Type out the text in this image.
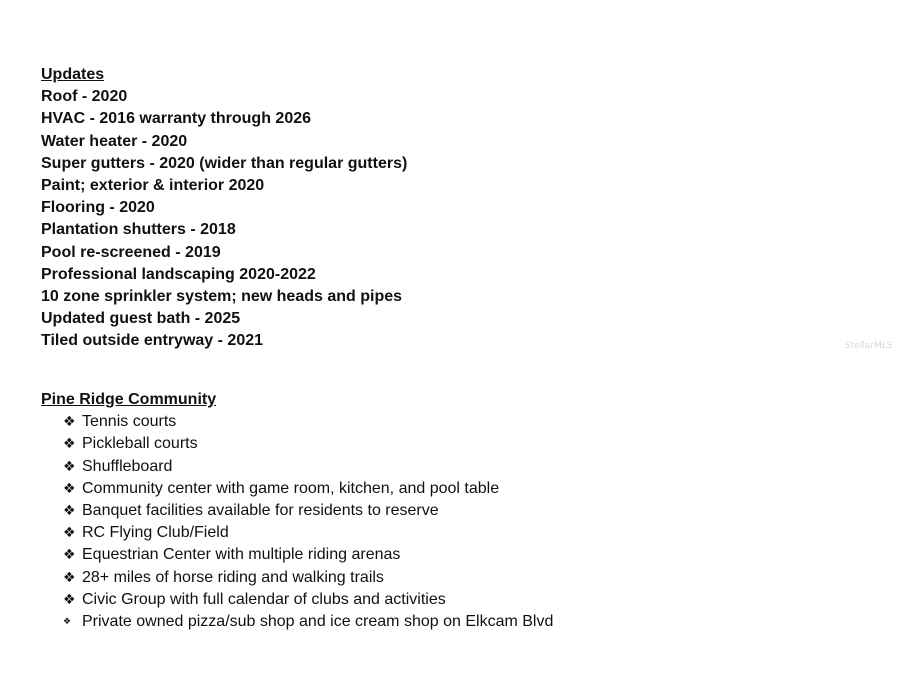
Updates
Roof - 2020
HVAC - 2016 warranty through 2026
Water heater - 2020
Super gutters - 2020 (wider than regular gutters)
Paint; exterior & interior 2020
Flooring - 2020
Plantation shutters - 2018
Pool re-screened - 2019
Professional landscaping 2020-2022
10 zone sprinkler system; new heads and pipes
Updated guest bath - 2025
Tiled outside entryway - 2021
Pine Ridge Community
❖ Tennis courts
❖ Pickleball courts
❖ Shuffleboard
❖ Community center with game room, kitchen, and pool table
❖ Banquet facilities available for residents to reserve
❖ RC Flying Club/Field
❖ Equestrian Center with multiple riding arenas
❖ 28+ miles of horse riding and walking trails
❖ Civic Group with full calendar of clubs and activities
❖ Private owned pizza/sub shop and ice cream shop on Elkcam Blvd
StellarMLS
